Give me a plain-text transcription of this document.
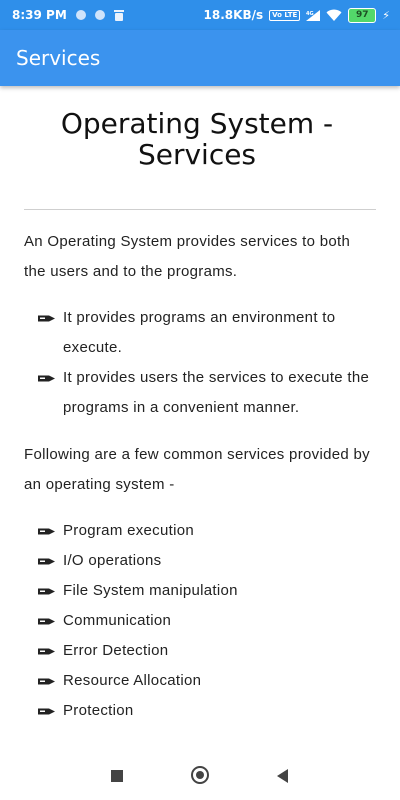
8:39 PM	18.8KB/s	Vo LTE	4G	97	⚡
Services
Operating System - Services

An Operating System provides services to both the users and to the programs.

It provides programs an environment to execute.
It provides users the services to execute the programs in a convenient manner.

Following are a few common services provided by an operating system -

Program execution
I/O operations
File System manipulation
Communication
Error Detection
Resource Allocation
Protection
